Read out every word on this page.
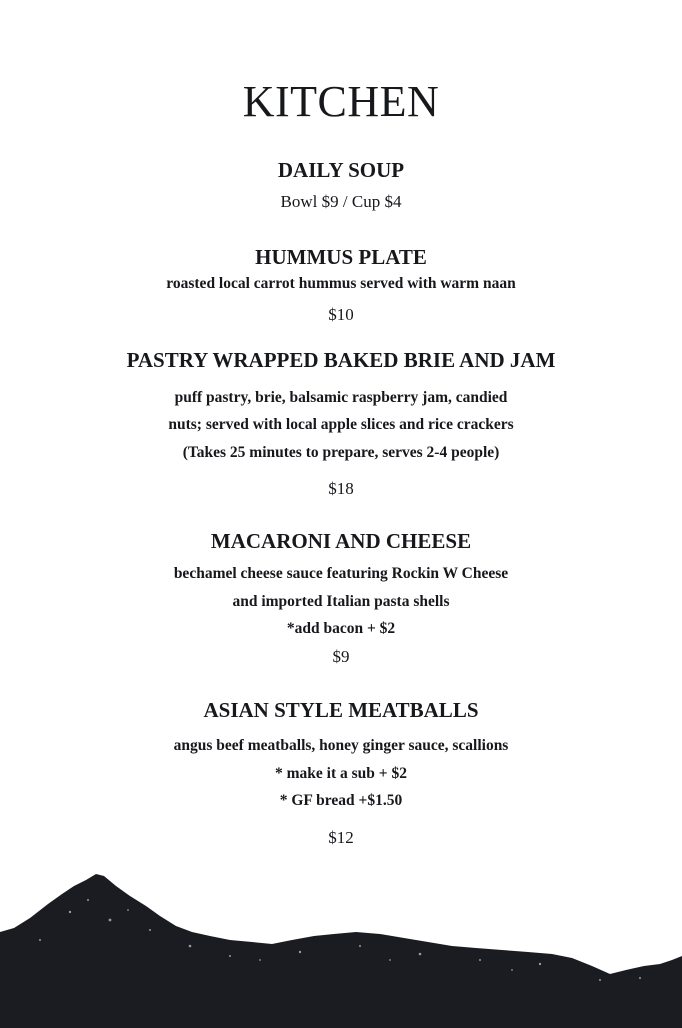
KITCHEN
DAILY SOUP
Bowl $9 / Cup $4
HUMMUS PLATE
roasted local carrot hummus served with warm naan
$10
PASTRY WRAPPED BAKED BRIE AND JAM
puff pastry, brie, balsamic raspberry jam, candied
nuts; served with local apple slices and rice crackers
(Takes 25 minutes to prepare, serves 2-4 people)
$18
MACARONI AND CHEESE
bechamel cheese sauce featuring Rockin W Cheese
and imported Italian pasta shells
*add bacon + $2
$9
ASIAN STYLE MEATBALLS
angus beef meatballs, honey ginger sauce, scallions
* make it a sub + $2
* GF bread +$1.50
$12
